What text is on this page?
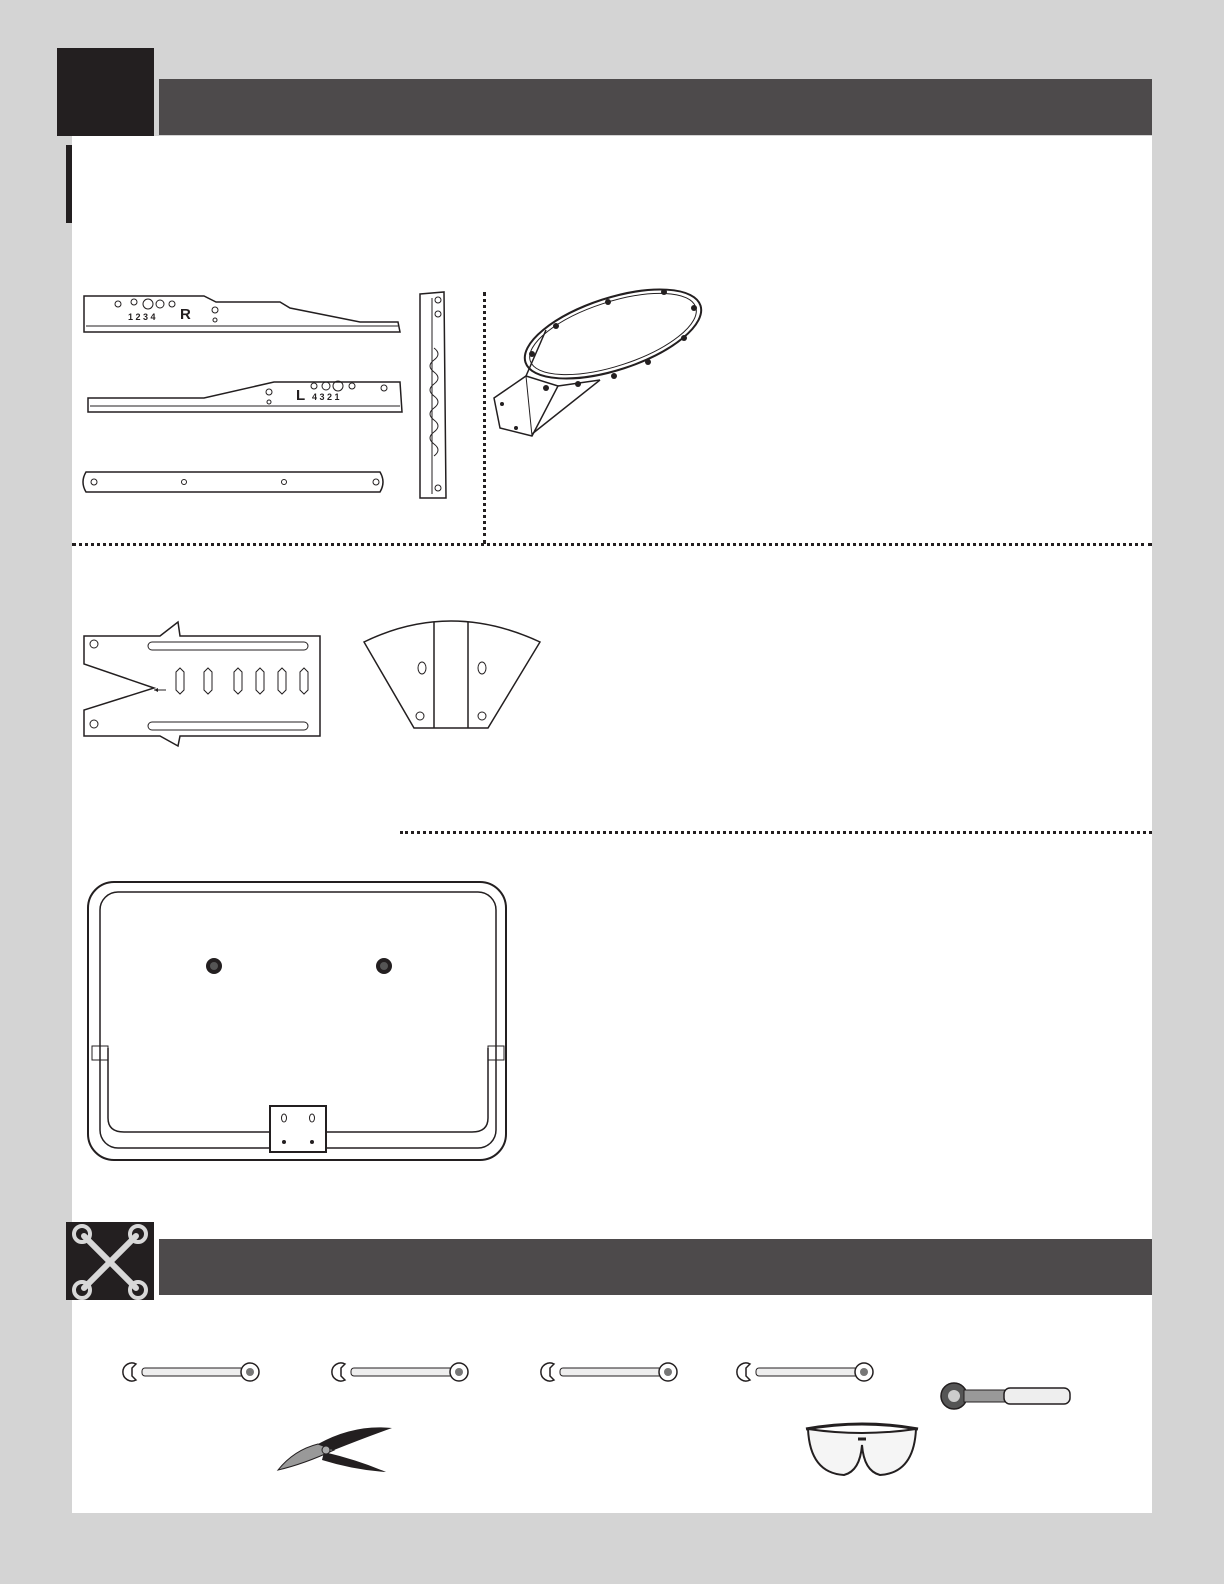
R
1 2 3 4
L 4 3 2 1
